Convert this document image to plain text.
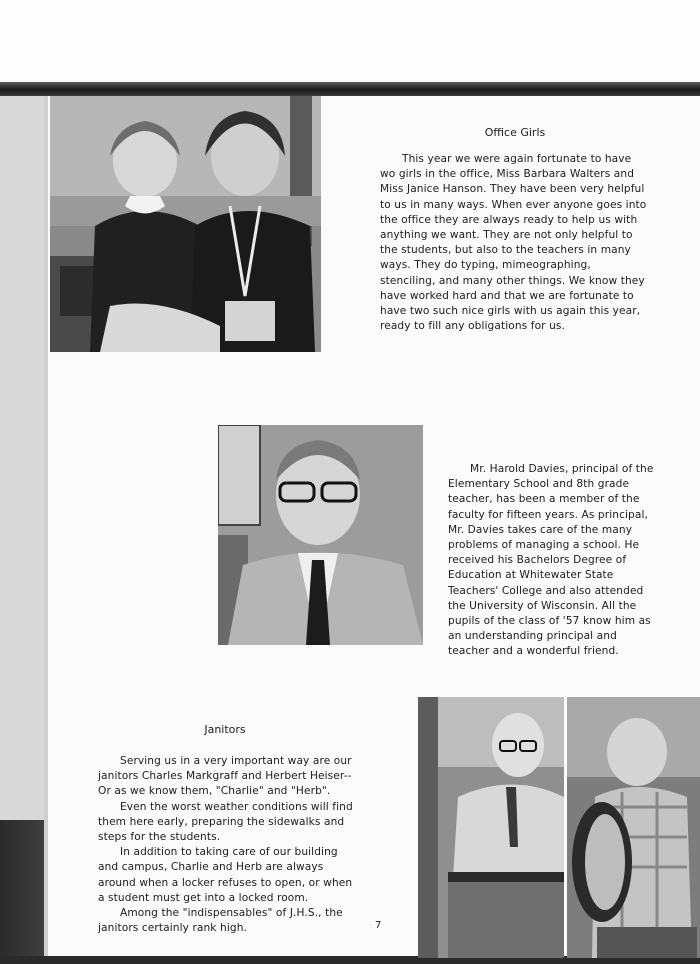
Office Girls

This year we were again fortunate to have wo girls in the office, Miss Barbara Walters and Miss Janice Hanson. They have been very helpful to us in many ways. When ever anyone goes into the office they are always ready to help us with anything we want. They are not only helpful to the students, but also to the teachers in many ways. They do typing, mimeographing, stenciling, and many other things. We know they have worked hard and that we are fortunate to have two such nice girls with us again this year, ready to fill any obligations for us.

Mr. Harold Davies, principal of the Elementary School and 8th grade teacher, has been a member of the faculty for fifteen years. As principal, Mr. Davies takes care of the many problems of managing a school. He received his Bachelors Degree of Education at Whitewater State Teachers' College and also attended the University of Wisconsin. All the pupils of the class of '57 know him as an understanding principal and teacher and a wonderful friend.

Janitors

Serving us in a very important way are our janitors Charles Markgraff and Herbert Heiser-- Or as we know them, "Charlie" and "Herb".

Even the worst weather conditions will find them here early, preparing the sidewalks and steps for the students.

In addition to taking care of our building and campus, Charlie and Herb are always around when a locker refuses to open, or when a student must get into a locked room.

Among the "indispensables" of J.H.S., the janitors certainly rank high.	7
